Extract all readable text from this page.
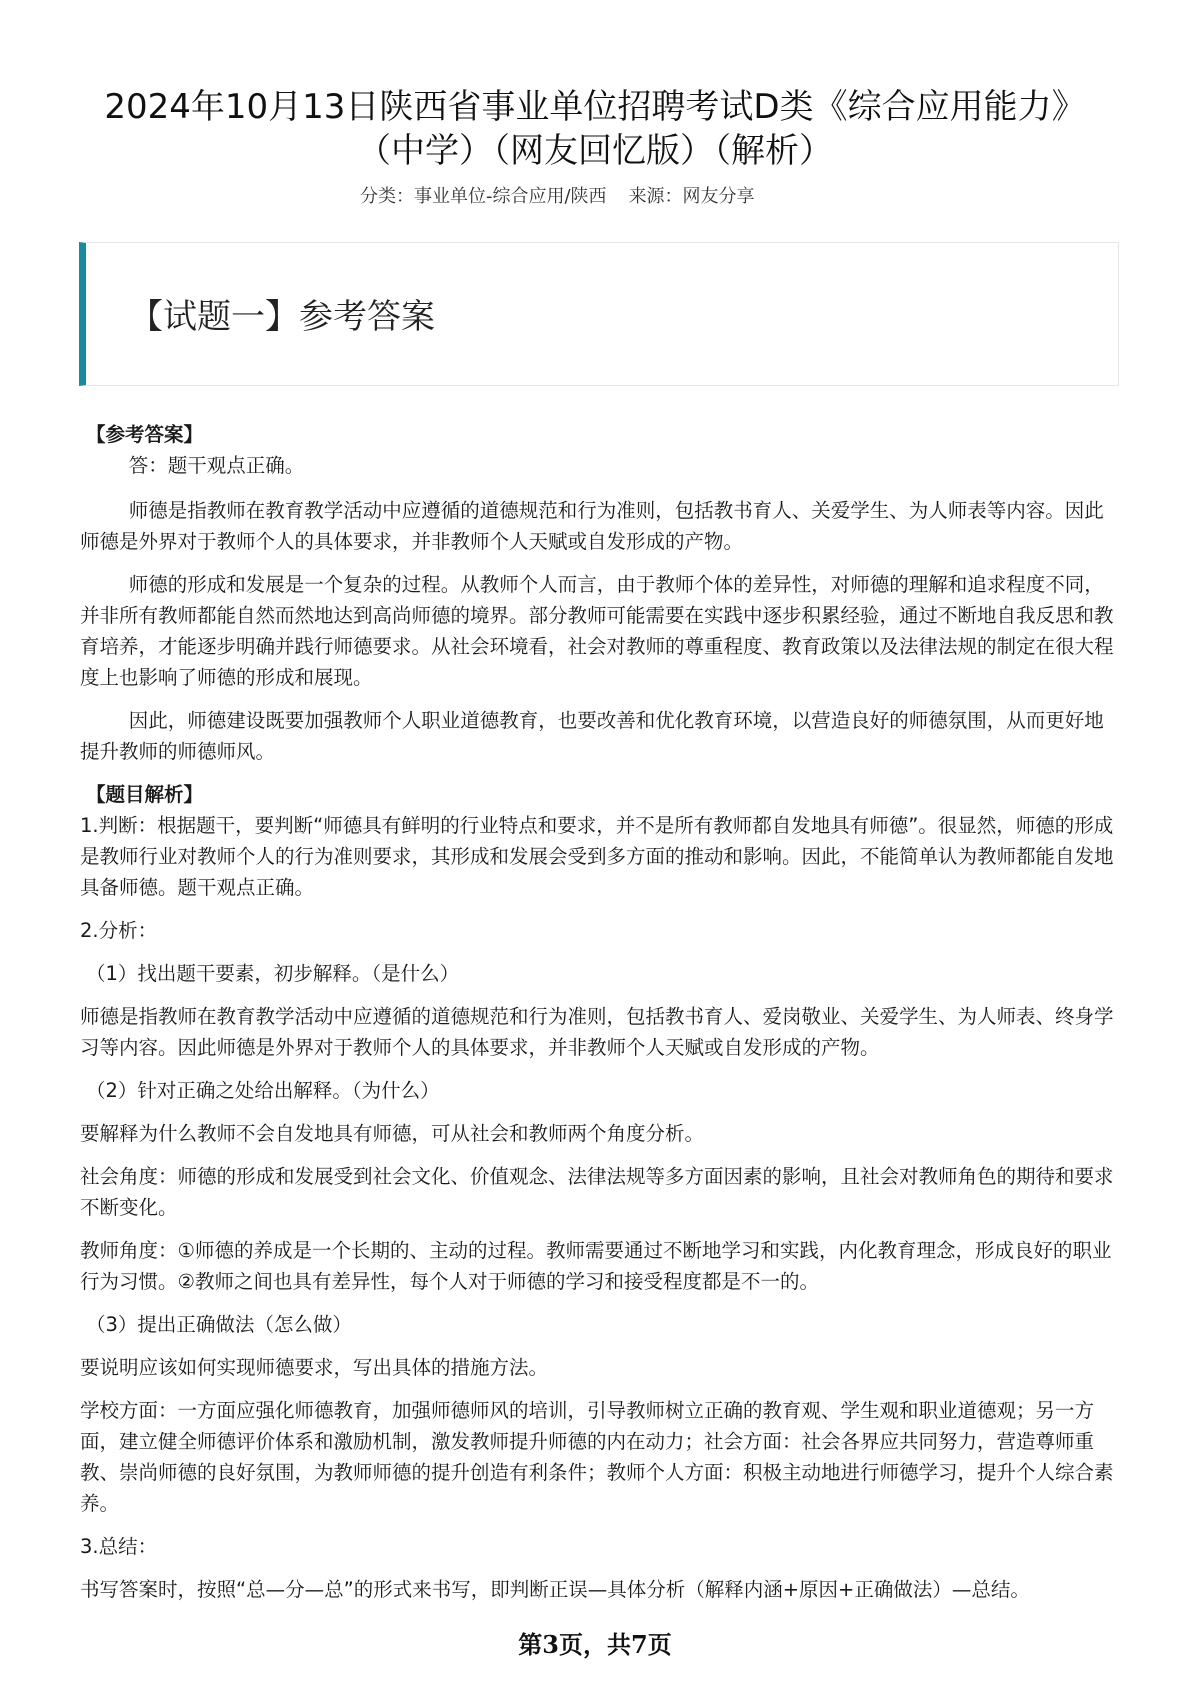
2024年10月13日陕西省事业单位招聘考试D类《综合应用能力》
（中学）（网友回忆版）（解析）
分类：事业单位-综合应用/陕西 来源：网友分享
【试题一】参考答案

【参考答案】

答：题干观点正确。

师德是指教师在教育教学活动中应遵循的道德规范和行为准则，包括教书育人、关爱学生、为人师表等内容。因此师德是外界对于教师个人的具体要求，并非教师个人天赋或自发形成的产物。

师德的形成和发展是一个复杂的过程。从教师个人而言，由于教师个体的差异性，对师德的理解和追求程度不同，并非所有教师都能自然而然地达到高尚师德的境界。部分教师可能需要在实践中逐步积累经验，通过不断地自我反思和教育培养，才能逐步明确并践行师德要求。从社会环境看，社会对教师的尊重程度、教育政策以及法律法规的制定在很大程度上也影响了师德的形成和展现。

因此，师德建设既要加强教师个人职业道德教育，也要改善和优化教育环境，以营造良好的师德氛围，从而更好地提升教师的师德师风。

【题目解析】

1.判断：根据题干，要判断“师德具有鲜明的行业特点和要求，并不是所有教师都自发地具有师德”。很显然，师德的形成是教师行业对教师个人的行为准则要求，其形成和发展会受到多方面的推动和影响。因此，不能简单认为教师都能自发地具备师德。题干观点正确。

2.分析：

（1）找出题干要素，初步解释。（是什么）

师德是指教师在教育教学活动中应遵循的道德规范和行为准则，包括教书育人、爱岗敬业、关爱学生、为人师表、终身学习等内容。因此师德是外界对于教师个人的具体要求，并非教师个人天赋或自发形成的产物。

（2）针对正确之处给出解释。（为什么）

要解释为什么教师不会自发地具有师德，可从社会和教师两个角度分析。

社会角度：师德的形成和发展受到社会文化、价值观念、法律法规等多方面因素的影响，且社会对教师角色的期待和要求不断变化。

教师角度：①师德的养成是一个长期的、主动的过程。教师需要通过不断地学习和实践，内化教育理念，形成良好的职业行为习惯。②教师之间也具有差异性，每个人对于师德的学习和接受程度都是不一的。

（3）提出正确做法（怎么做）

要说明应该如何实现师德要求，写出具体的措施方法。

学校方面：一方面应强化师德教育，加强师德师风的培训，引导教师树立正确的教育观、学生观和职业道德观；另一方面，建立健全师德评价体系和激励机制，激发教师提升师德的内在动力；社会方面：社会各界应共同努力，营造尊师重教、崇尚师德的良好氛围，为教师师德的提升创造有利条件；教师个人方面：积极主动地进行师德学习，提升个人综合素养。

3.总结：

书写答案时，按照“总—分—总”的形式来书写，即判断正误—具体分析（解释内涵+原因+正确做法）—总结。

第3页，共7页
